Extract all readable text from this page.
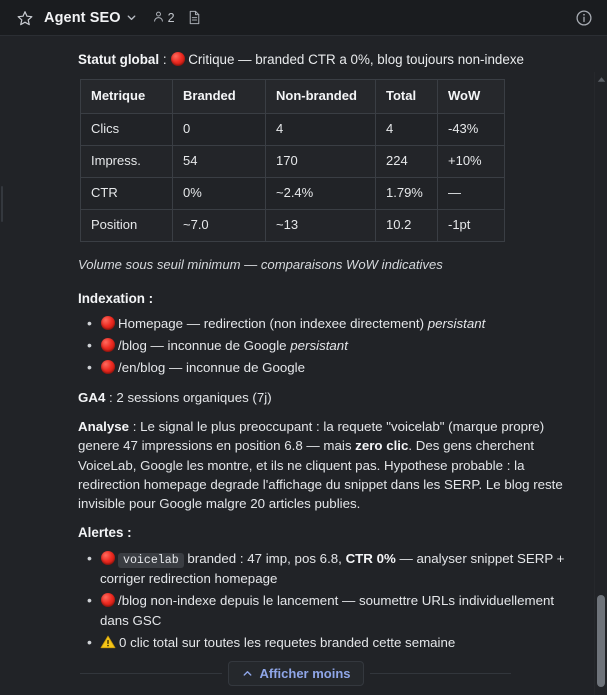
Agent SEO	2

Statut global : Critique — branded CTR a 0%, blog toujours non-indexe

Metrique	Branded	Non-branded	Total	WoW
Clics	0	4	4	-43%
Impress.	54	170	224	+10%
CTR	0%	~2.4%	1.79%	—
Position	~7.0	~13	10.2	-1pt

Volume sous seuil minimum — comparaisons WoW indicatives

Indexation :

• Homepage — redirection (non indexee directement) persistant
• /blog — inconnue de Google persistant
• /en/blog — inconnue de Google

GA4 : 2 sessions organiques (7j)

Analyse : Le signal le plus preoccupant : la requete "voicelab" (marque propre) genere 47 impressions en position 6.8 — mais zero clic. Des gens cherchent VoiceLab, Google les montre, et ils ne cliquent pas. Hypothese probable : la redirection homepage degrade l'affichage du snippet dans les SERP. Le blog reste invisible pour Google malgre 20 articles publies.

Alertes :

• voicelab branded : 47 imp, pos 6.8, CTR 0% — analyser snippet SERP + corriger redirection homepage
• /blog non-indexe depuis le lancement — soumettre URLs individuellement dans GSC
• 0 clic total sur toutes les requetes branded cette semaine
Afficher moins
